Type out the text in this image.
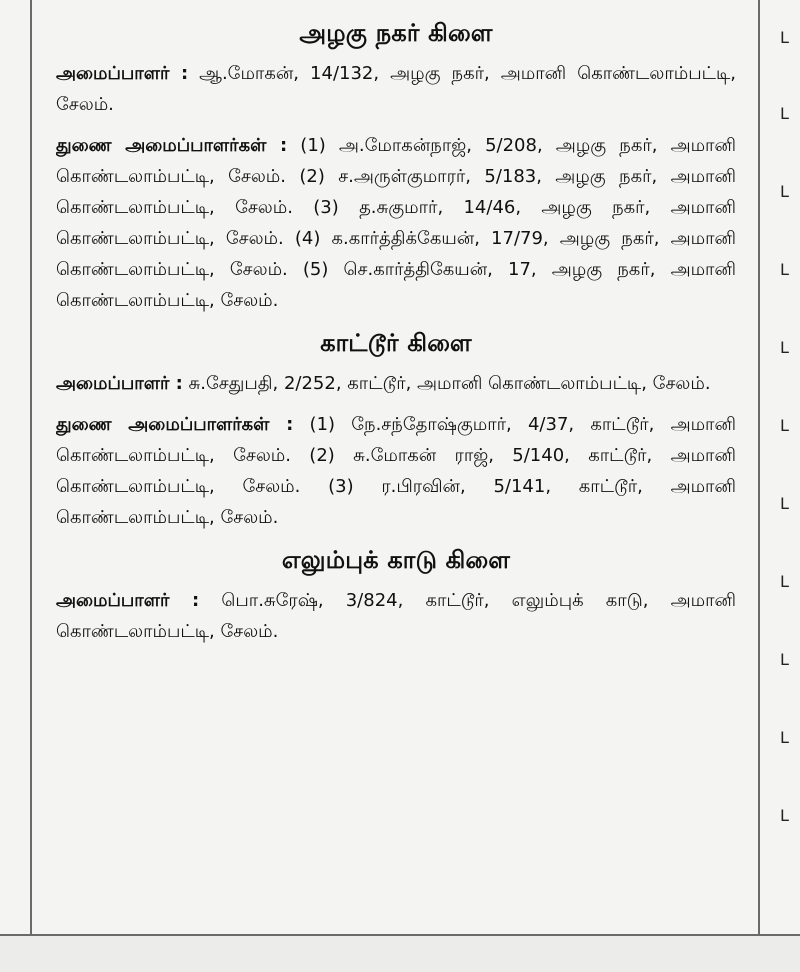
அழகு நகர் கிளை

அமைப்பாளர் : ஆ.மோகன், 14/132, அழகு நகர், அமானி கொண்டலாம்பட்டி, சேலம்.

துணை அமைப்பாளர்கள் : (1) அ.மோகன்நாஜ், 5/208, அழகு நகர், அமானி கொண்டலாம்பட்டி, சேலம். (2) ச.அருள்குமாரர், 5/183, அழகு நகர், அமானி கொண்டலாம்பட்டி, சேலம். (3) த.சுகுமார், 14/46, அழகு நகர், அமானி கொண்டலாம்பட்டி, சேலம். (4) க.கார்த்திக்கேயன், 17/79, அழகு நகர், அமானி கொண்டலாம்பட்டி, சேலம். (5) செ.கார்த்திகேயன், 17, அழகு நகர், அமானி கொண்டலாம்பட்டி, சேலம்.

காட்டூர் கிளை

அமைப்பாளர் : சு.சேதுபதி, 2/252, காட்டூர், அமானி கொண்டலாம்பட்டி, சேலம்.

துணை அமைப்பாளர்கள் : (1) நே.சந்தோஷ்குமார், 4/37, காட்டூர், அமானி கொண்டலாம்பட்டி, சேலம். (2) சு.மோகன் ராஜ், 5/140, காட்டூர், அமானி கொண்டலாம்பட்டி, சேலம். (3) ர.பிரவின், 5/141, காட்டூர், அமானி கொண்டலாம்பட்டி, சேலம்.

எலும்புக் காடு கிளை

அமைப்பாளர் : பொ.சுரேஷ், 3/824, காட்டூர், எலும்புக் காடு, அமானி கொண்டலாம்பட்டி, சேலம்.

L
L
L
L
L
L
L
L
L
L
L
